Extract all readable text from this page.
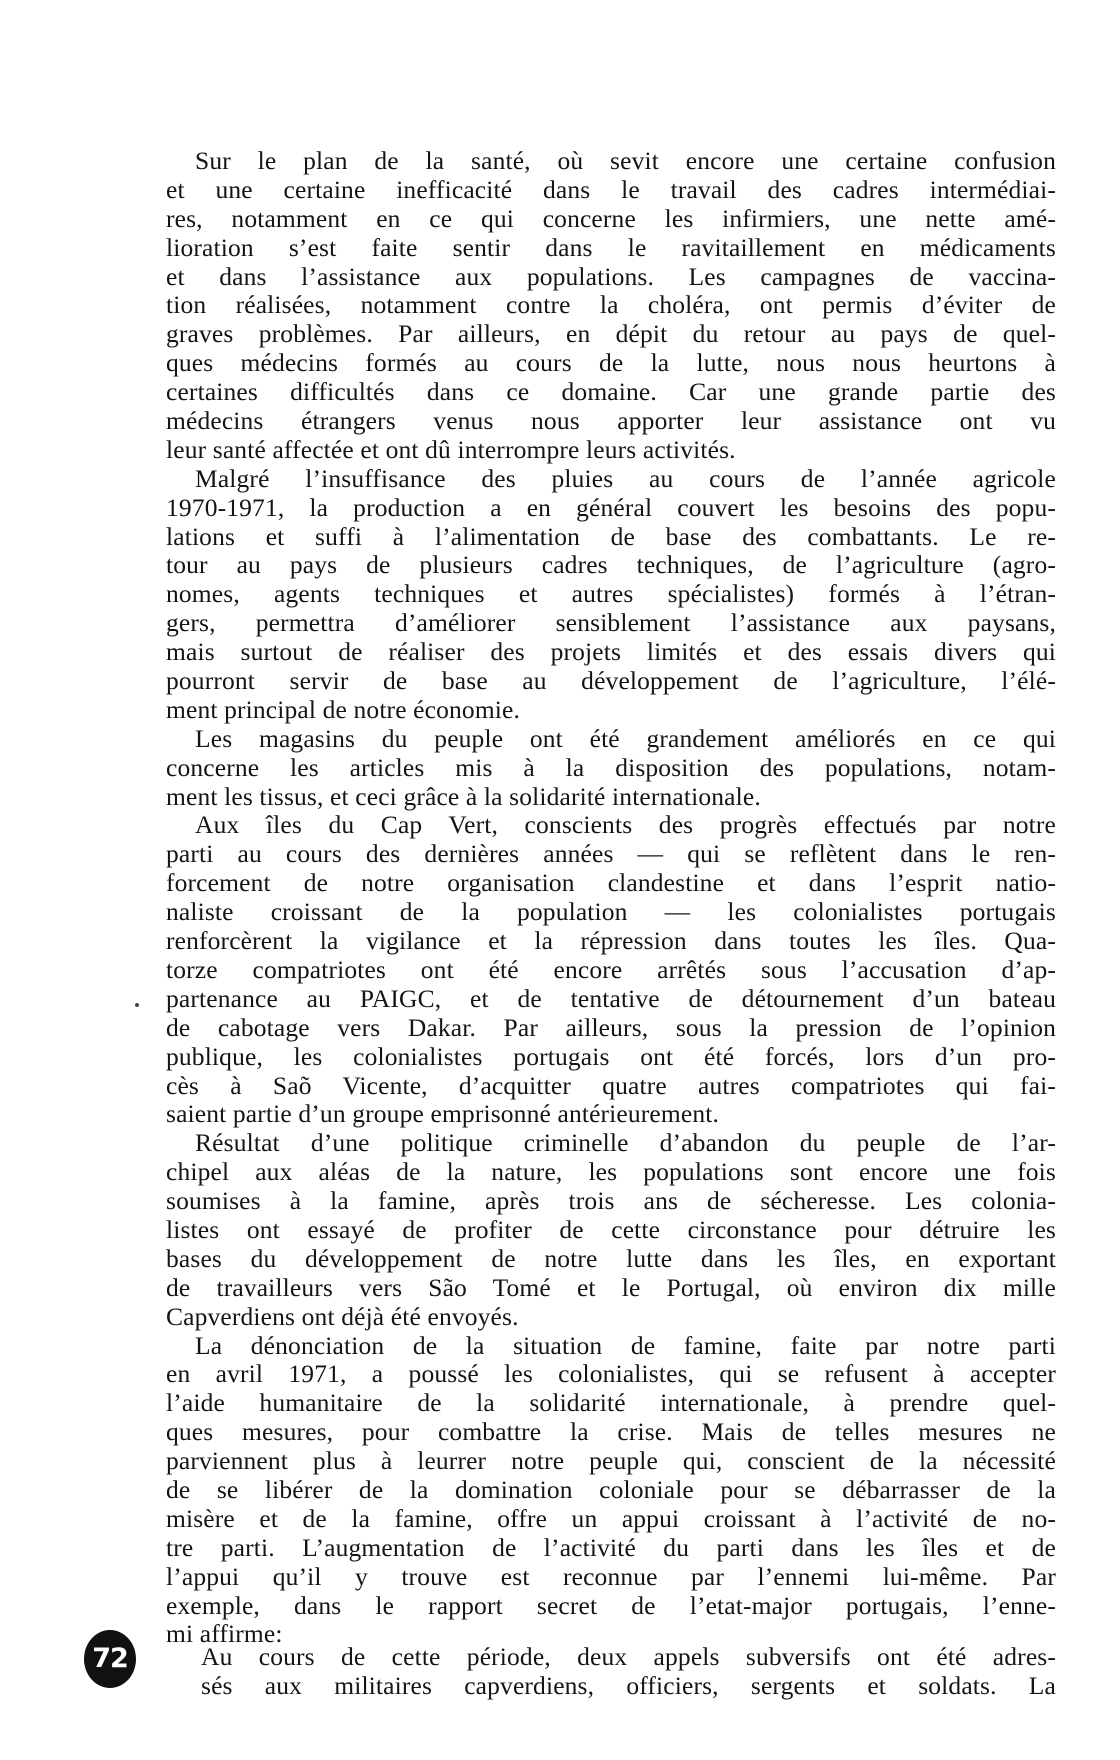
Sur le plan de la santé, où sevit encore une certaine confusion
et une certaine inefficacité dans le travail des cadres intermédiai-
res, notamment en ce qui concerne les infirmiers, une nette amé-
lioration s’est faite sentir dans le ravitaillement en médicaments
et dans l’assistance aux populations. Les campagnes de vaccina-
tion réalisées, notamment contre la choléra, ont permis d’éviter de
graves problèmes. Par ailleurs, en dépit du retour au pays de quel-
ques médecins formés au cours de la lutte, nous nous heurtons à
certaines difficultés dans ce domaine. Car une grande partie des
médecins étrangers venus nous apporter leur assistance ont vu
leur santé affectée et ont dû interrompre leurs activités.
Malgré l’insuffisance des pluies au cours de l’année agricole
1970-1971, la production a en général couvert les besoins des popu-
lations et suffi à l’alimentation de base des combattants. Le re-
tour au pays de plusieurs cadres techniques, de l’agriculture (agro-
nomes, agents techniques et autres spécialistes) formés à l’étran-
gers, permettra d’améliorer sensiblement l’assistance aux paysans,
mais surtout de réaliser des projets limités et des essais divers qui
pourront servir de base au développement de l’agriculture, l’élé-
ment principal de notre économie.
Les magasins du peuple ont été grandement améliorés en ce qui
concerne les articles mis à la disposition des populations, notam-
ment les tissus, et ceci grâce à la solidarité internationale.
Aux îles du Cap Vert, conscients des progrès effectués par notre
parti au cours des dernières années — qui se reflètent dans le ren-
forcement de notre organisation clandestine et dans l’esprit natio-
naliste croissant de la population — les colonialistes portugais
renforcèrent la vigilance et la répression dans toutes les îles. Qua-
torze compatriotes ont été encore arrêtés sous l’accusation d’ap-
partenance au PAIGC, et de tentative de détournement d’un bateau
de cabotage vers Dakar. Par ailleurs, sous la pression de l’opinion
publique, les colonialistes portugais ont été forcés, lors d’un pro-
cès à Saõ Vicente, d’acquitter quatre autres compatriotes qui fai-
saient partie d’un groupe emprisonné antérieurement.
Résultat d’une politique criminelle d’abandon du peuple de l’ar-
chipel aux aléas de la nature, les populations sont encore une fois
soumises à la famine, après trois ans de sécheresse. Les colonia-
listes ont essayé de profiter de cette circonstance pour détruire les
bases du développement de notre lutte dans les îles, en exportant
de travailleurs vers São Tomé et le Portugal, où environ dix mille
Capverdiens ont déjà été envoyés.
La dénonciation de la situation de famine, faite par notre parti
en avril 1971, a poussé les colonialistes, qui se refusent à accepter
l’aide humanitaire de la solidarité internationale, à prendre quel-
ques mesures, pour combattre la crise. Mais de telles mesures ne
parviennent plus à leurrer notre peuple qui, conscient de la nécessité
de se libérer de la domination coloniale pour se débarrasser de la
misère et de la famine, offre un appui croissant à l’activité de no-
tre parti. L’augmentation de l’activité du parti dans les îles et de
l’appui qu’il y trouve est reconnue par l’ennemi lui-même. Par
exemple, dans le rapport secret de l’etat-major portugais, l’enne-
mi affirme:
Au cours de cette période, deux appels subversifs ont été adres-
sés aux militaires capverdiens, officiers, sergents et soldats. La
72
